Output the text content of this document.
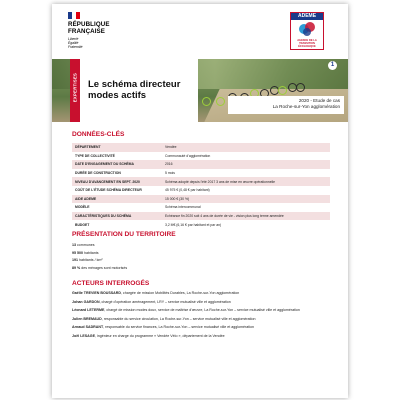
RÉPUBLIQUE
FRANÇAISE
Liberté
Égalité
Fraternité
ADEME
AGENCE DE LA TRANSITION ÉCOLOGIQUE
EXPERTISES Le schéma directeur
modes actifs
1
2020 - Etude de cas
La Roche-sur-Yon agglomération
DONNÉES-CLÉS
DÉPARTEMENT	Vendée
TYPE DE COLLECTIVITÉ	Communauté d'agglomération
DATE D'ENGAGEMENT DU SCHÉMA	2016
DURÉE DE CONSTRUCTION	5 mois
NIVEAU D'AVANCEMENT EN SEPT. 2020	Schéma adopté depuis l'été 2017 3 ans de mise en œuvre opérationnelle
COÛT DE L'ÉTUDE SCHÉMA DIRECTEUR	45 975 € (0,48 € par habitant)
AIDE ADEME	15 000 € (30 %)
MODÈLE	Schéma intercommunal
CARACTÉRISTIQUES DU SCHÉMA	Echéance fin 2020 soit 4 ans de durée de vie - vision plus long terme amendée
BUDGET	3,2 M€ (6,16 € par habitant et par an)
PRÉSENTATION DU TERRITOIRE
13 communes
95 500 habitants
191 habitants / km²
89 % des ménages sont motorisés
ACTEURS INTERROGÉS
Gaëlle TREVIEN BOUSSARD, chargée de mission Mobilités Durables, La Roche-sur-Yon agglomération
Johan GARDON, chargé d'opération aménagement, LRY – service mutualisé ville et agglomération
Léonard LETERME, chargé de mission modes doux, service de maîtrise d'œuvre, La Roche-sur-Yon – service mutualisé ville et agglomération
Julien BREMAUD, responsable du service circulation, La Roche-sur-Yon – service mutualisé ville et agglomération
Arnaud SADRANT, responsable du service finances, La Roche-sur-Yon – service mutualisé ville et agglomération
Joël LESAGE, ingénieur en charge du programme « Vendée Vélo », département de la Vendée
